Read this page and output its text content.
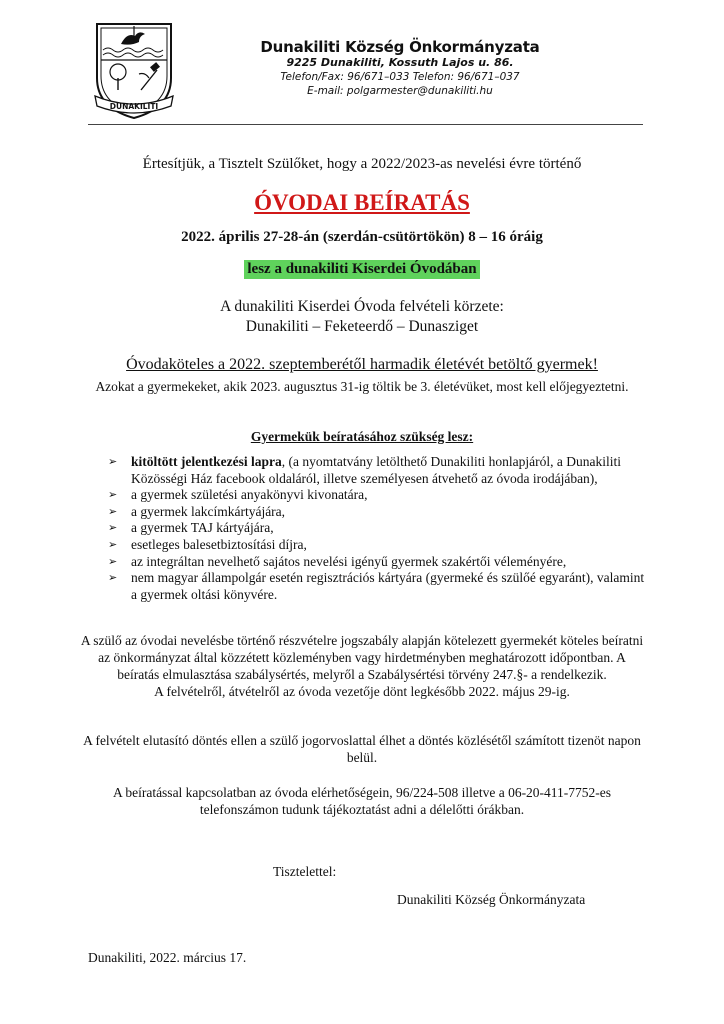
DUNAKILITI
Dunakiliti Község Önkormányzata
9225 Dunakiliti, Kossuth Lajos u. 86.
Telefon/Fax: 96/671–033 Telefon: 96/671–037
E-mail: polgarmester@dunakiliti.hu
Értesítjük, a Tisztelt Szülőket, hogy a 2022/2023-as nevelési évre történő
ÓVODAI BEÍRATÁS
2022. április 27-28-án (szerdán-csütörtökön) 8 – 16 óráig
lesz a dunakiliti Kiserdei Óvodában
A dunakiliti Kiserdei Óvoda felvételi körzete:
Dunakiliti – Feketeerdő – Dunasziget
Óvodaköteles a 2022. szeptemberétől harmadik életévét betöltő gyermek!
Azokat a gyermekeket, akik 2023. augusztus 31-ig töltik be 3. életévüket, most kell előjegyeztetni.
Gyermekük beíratásához szükség lesz:
➢ kitöltött jelentkezési lapra, (a nyomtatvány letölthető Dunakiliti honlapjáról, a Dunakiliti Közösségi Ház facebook oldaláról, illetve személyesen átvehető az óvoda irodájában),
➢ a gyermek születési anyakönyvi kivonatára,
➢ a gyermek lakcímkártyájára,
➢ a gyermek TAJ kártyájára,
➢ esetleges balesetbiztosítási díjra,
➢ az integráltan nevelhető sajátos nevelési igényű gyermek szakértői véleményére,
➢ nem magyar állampolgár esetén regisztrációs kártyára (gyermeké és szülőé egyaránt), valamint a gyermek oltási könyvére.
A szülő az óvodai nevelésbe történő részvételre jogszabály alapján kötelezett gyermekét köteles beíratni az önkormányzat által közzétett közleményben vagy hirdetményben meghatározott időpontban. A beíratás elmulasztása szabálysértés, melyről a Szabálysértési törvény 247.§- a rendelkezik.
A felvételről, átvételről az óvoda vezetője dönt legkésőbb 2022. május 29-ig.
A felvételt elutasító döntés ellen a szülő jogorvoslattal élhet a döntés közlésétől számított tizenöt napon belül.
A beíratással kapcsolatban az óvoda elérhetőségein, 96/224-508 illetve a 06-20-411-7752-es telefonszámon tudunk tájékoztatást adni a délelőtti órákban.
Tisztelettel:
Dunakiliti Község Önkormányzata
Dunakiliti, 2022. március 17.
